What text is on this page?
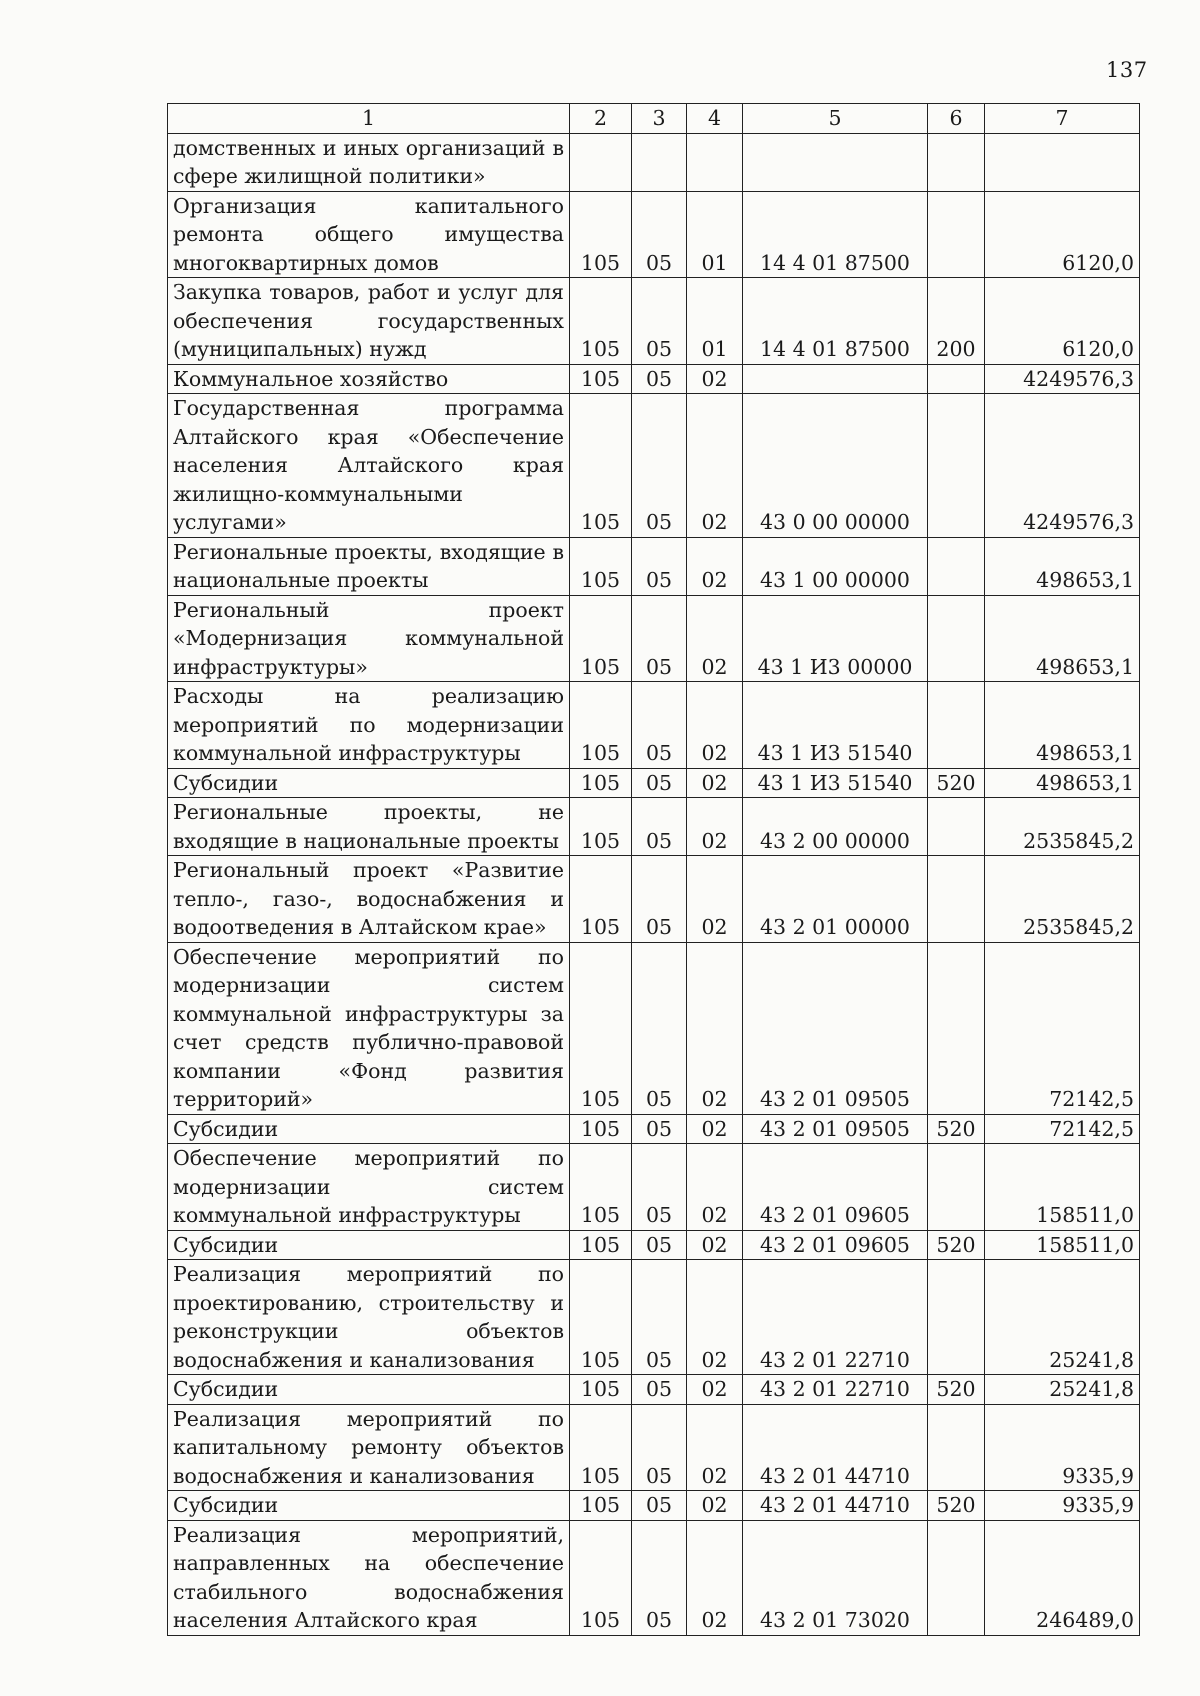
137
1	2	3	4	5	6	7
домственных и иных организаций в сфере жилищной политики»						
Организация капитального ремонта общего имущества многоквартирных домов	105	05	01	14 4 01 87500		6120,0
Закупка товаров, работ и услуг для обеспечения государственных (муниципальных) нужд	105	05	01	14 4 01 87500	200	6120,0
Коммунальное хозяйство	105	05	02			4249576,3
Государственная программа Алтайского края «Обеспечение населения Алтайского края жилищно-коммунальными услугами»	105	05	02	43 0 00 00000		4249576,3
Региональные проекты, входящие в национальные проекты	105	05	02	43 1 00 00000		498653,1
Региональный проект «Модернизация коммунальной инфраструктуры»	105	05	02	43 1 И3 00000		498653,1
Расходы на реализацию мероприятий по модернизации коммунальной инфраструктуры	105	05	02	43 1 И3 51540		498653,1
Субсидии	105	05	02	43 1 И3 51540	520	498653,1
Региональные проекты, не входящие в национальные проекты	105	05	02	43 2 00 00000		2535845,2
Региональный проект «Развитие тепло-, газо-, водоснабжения и водоотведения в Алтайском крае»	105	05	02	43 2 01 00000		2535845,2
Обеспечение мероприятий по модернизации систем коммунальной инфраструктуры за счет средств публично-правовой компании «Фонд развития территорий»	105	05	02	43 2 01 09505		72142,5
Субсидии	105	05	02	43 2 01 09505	520	72142,5
Обеспечение мероприятий по модернизации систем коммунальной инфраструктуры	105	05	02	43 2 01 09605		158511,0
Субсидии	105	05	02	43 2 01 09605	520	158511,0
Реализация мероприятий по проектированию, строительству и реконструкции объектов водоснабжения и канализования	105	05	02	43 2 01 22710		25241,8
Субсидии	105	05	02	43 2 01 22710	520	25241,8
Реализация мероприятий по капитальному ремонту объектов водоснабжения и канализования	105	05	02	43 2 01 44710		9335,9
Субсидии	105	05	02	43 2 01 44710	520	9335,9
Реализация мероприятий, направленных на обеспечение стабильного водоснабжения населения Алтайского края	105	05	02	43 2 01 73020		246489,0
